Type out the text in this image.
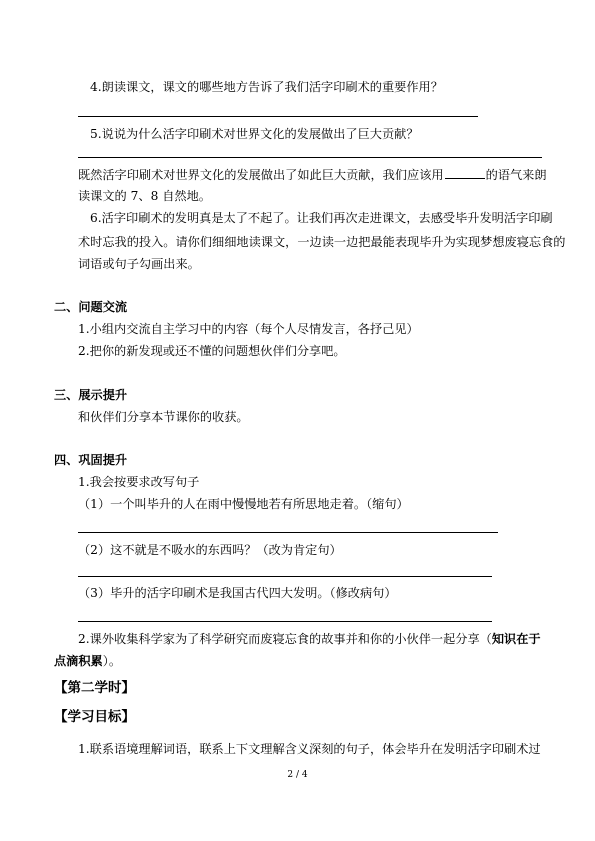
4.朗读课文，课文的哪些地方告诉了我们活字印刷术的重要作用？
5.说说为什么活字印刷术对世界文化的发展做出了巨大贡献？
既然活字印刷术对世界文化的发展做出了如此巨大贡献，我们应该用	的语气来朗
读课文的 7、8 自然地。
6.活字印刷术的发明真是太了不起了。让我们再次走进课文，去感受毕升发明活字印刷
术时忘我的投入。请你们细细地读课文，一边读一边把最能表现毕升为实现梦想废寝忘食的
词语或句子勾画出来。
二、问题交流
1.小组内交流自主学习中的内容（每个人尽情发言，各抒己见）
2.把你的新发现或还不懂的问题想伙伴们分享吧。
三、展示提升
和伙伴们分享本节课你的收获。
四、巩固提升
1.我会按要求改写句子
（1）一个叫毕升的人在雨中慢慢地若有所思地走着。（缩句）
（2）这不就是不吸水的东西吗？（改为肯定句）
（3）毕升的活字印刷术是我国古代四大发明。（修改病句）
2.课外收集科学家为了科学研究而废寝忘食的故事并和你的小伙伴一起分享（知识在于
点滴积累）。
【第二学时】
【学习目标】
1.联系语境理解词语，联系上下文理解含义深刻的句子，体会毕升在发明活字印刷术过
2 / 4
